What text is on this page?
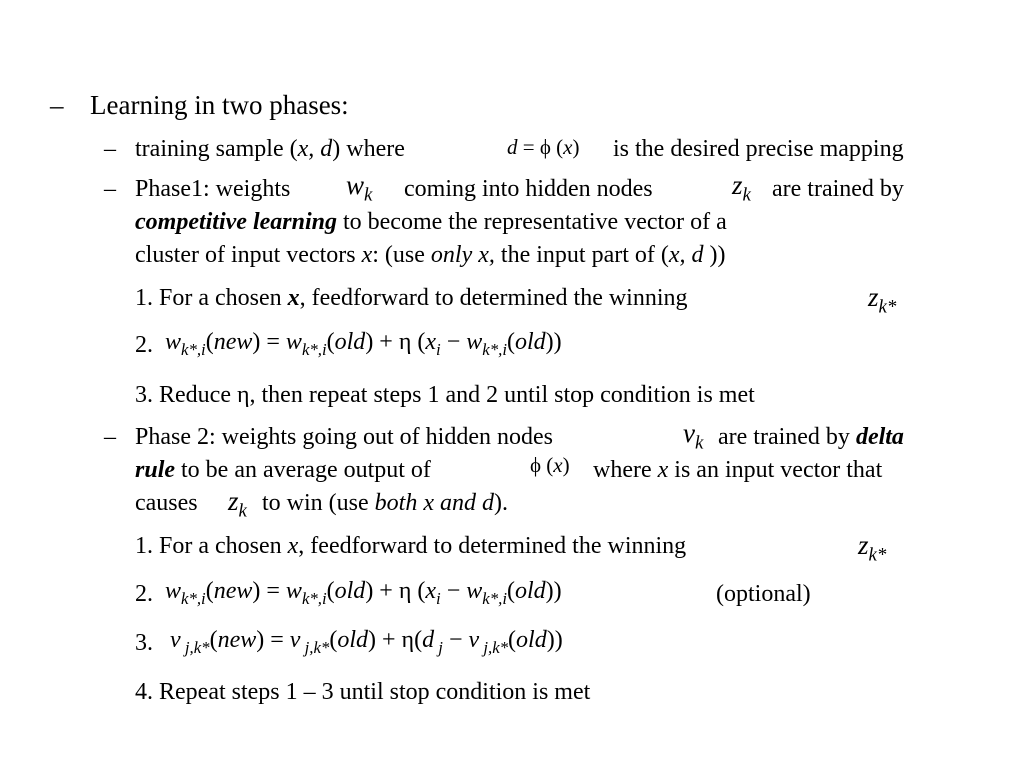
– Learning in two phases:
– training sample (x, d) where	d = ϕ (x) is the desired precise mapping
– Phase1: weights $w_k$ coming into hidden nodes	$z_k$ are trained by
competitive learning to become the representative vector of a
cluster of input vectors x: (use only x, the input part of (x, d ))
1. For a chosen x, feedforward to determined the winning	$z_{k*}$
2. $w_{k*,i}(new) = w_{k*,i}(old) + \eta$ $(x_i - w_{k*,i}(old))$
3. Reduce η, then repeat steps 1 and 2 until stop condition is met
– Phase 2: weights going out of hidden nodes	$v_k$ are trained by delta
rule to be an average output of	ϕ (x) where x is an input vector that
causes $z_k$ to win (use both x and d).
1. For a chosen x, feedforward to determined the winning	$z_{k*}$
2. $w_{k*,i}(new) = w_{k*,i}(old) + \eta$ $(x_i - w_{k*,i}(old))$	(optional)
3. v $_{j,k*}$(new) = v $_{j,k*}$(old) + η(d $_j$ − v $_{j,k*}$(old))
4. Repeat steps 1 – 3 until stop condition is met
